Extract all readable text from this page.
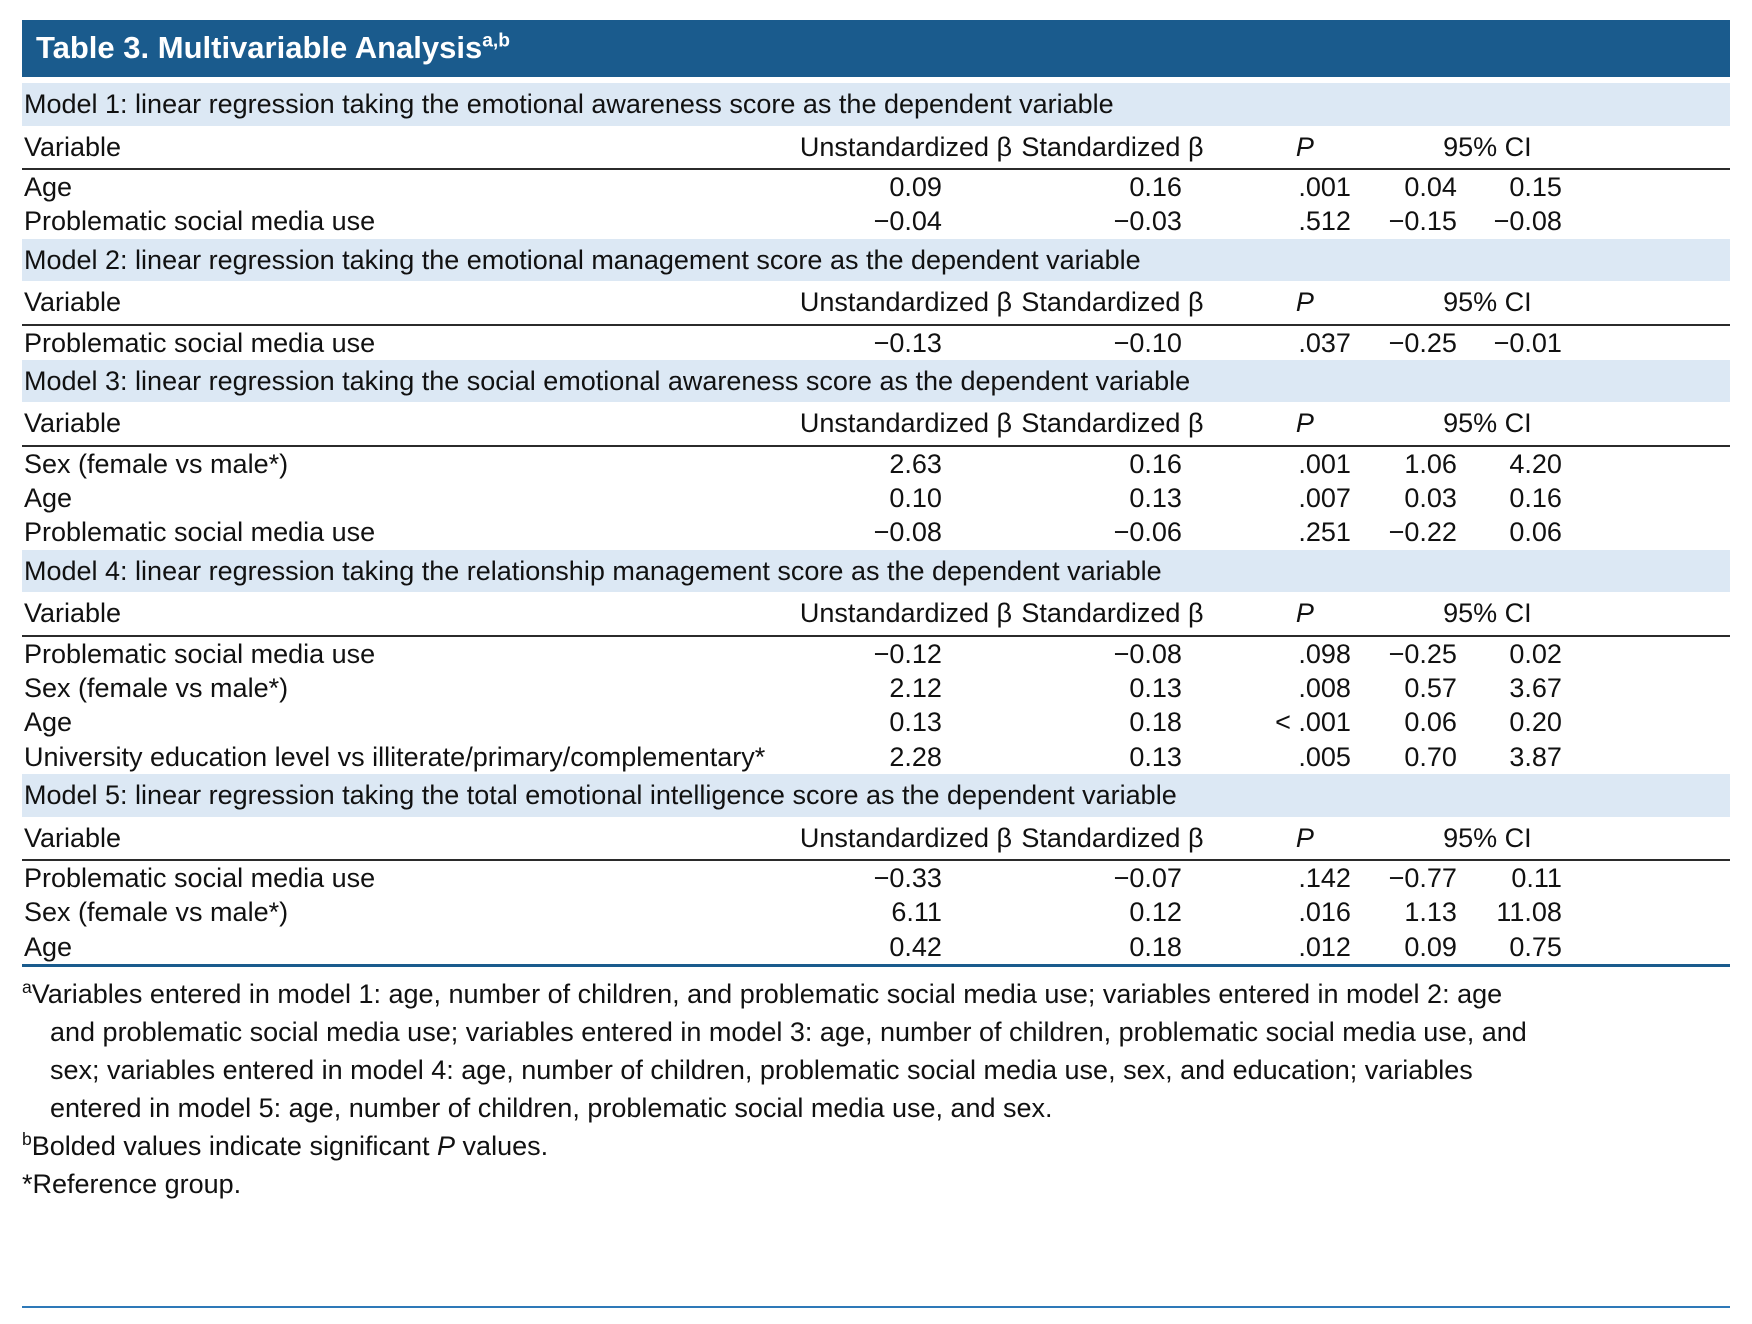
Table 3. Multivariable Analysis$^{a,b}$
Model 1: linear regression taking the emotional awareness score as the dependent variable						
Variable	Unstandardized β	Standardized β	P	95% CI		
Age	0.09	0.16	.001	0.04	0.15	
Problematic social media use	−0.04	−0.03	.512	−0.15	−0.08	
Model 2: linear regression taking the emotional management score as the dependent variable						
Variable	Unstandardized β	Standardized β	P	95% CI		
Problematic social media use	−0.13	−0.10	.037	−0.25	−0.01	
Model 3: linear regression taking the social emotional awareness score as the dependent variable						
Variable	Unstandardized β	Standardized β	P	95% CI		
Sex (female vs male*)	2.63	0.16	.001	1.06	4.20	
Age	0.10	0.13	.007	0.03	0.16	
Problematic social media use	−0.08	−0.06	.251	−0.22	0.06	
Model 4: linear regression taking the relationship management score as the dependent variable						
Variable	Unstandardized β	Standardized β	P	95% CI		
Problematic social media use	−0.12	−0.08	.098	−0.25	0.02	
Sex (female vs male*)	2.12	0.13	.008	0.57	3.67	
Age	0.13	0.18	< .001	0.06	0.20	
University education level vs illiterate/primary/complementary*	2.28	0.13	.005	0.70	3.87	
Model 5: linear regression taking the total emotional intelligence score as the dependent variable						
Variable	Unstandardized β	Standardized β	P	95% CI		
Problematic social media use	−0.33	−0.07	.142	−0.77	0.11	
Sex (female vs male*)	6.11	0.12	.016	1.13	11.08	
Age	0.42	0.18	.012	0.09	0.75	

$^a$Variables entered in model 1: age, number of children, and problematic social media use; variables entered in model 2: age and problematic social media use; variables entered in model 3: age, number of children, problematic social media use, and sex; variables entered in model 4: age, number of children, problematic social media use, sex, and education; variables entered in model 5: age, number of children, problematic social media use, and sex.

$^b$Bolded values indicate significant P values.

*Reference group.
